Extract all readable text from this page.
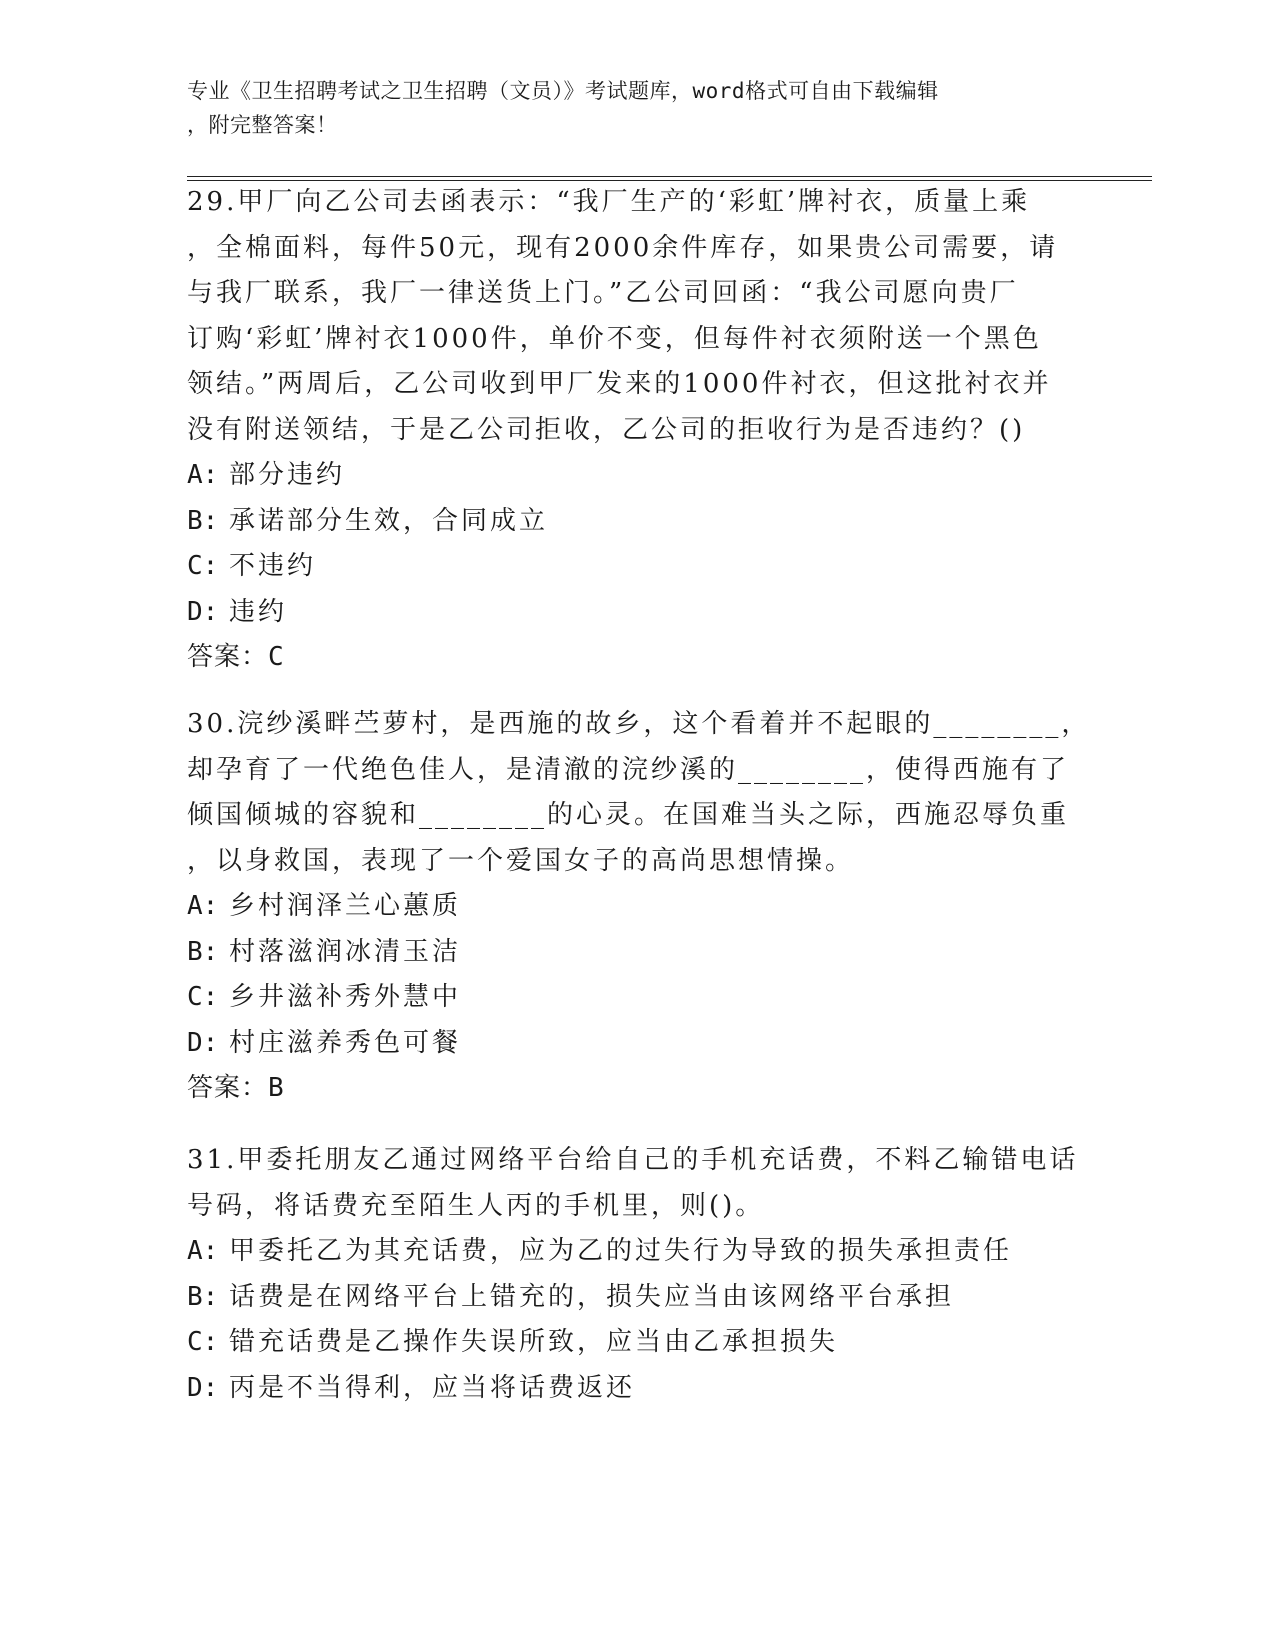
专业《卫生招聘考试之卫生招聘（文员）》考试题库，word格式可自由下载编辑
，附完整答案！
29.甲厂向乙公司去函表示：“我厂生产的‘彩虹’牌衬衣，质量上乘
，全棉面料，每件50元，现有2000余件库存，如果贵公司需要，请
与我厂联系，我厂一律送货上门。”乙公司回函：“我公司愿向贵厂
订购‘彩虹’牌衬衣1000件，单价不变，但每件衬衣须附送一个黑色
领结。”两周后，乙公司收到甲厂发来的1000件衬衣，但这批衬衣并
没有附送领结，于是乙公司拒收，乙公司的拒收行为是否违约？()
A: 部分违约
B: 承诺部分生效，合同成立
C: 不违约
D: 违约
答案：C
30.浣纱溪畔苎萝村，是西施的故乡，这个看着并不起眼的________，
却孕育了一代绝色佳人，是清澈的浣纱溪的________，使得西施有了
倾国倾城的容貌和________的心灵。在国难当头之际，西施忍辱负重
，以身救国，表现了一个爱国女子的高尚思想情操。
A: 乡村润泽兰心蕙质
B: 村落滋润冰清玉洁
C: 乡井滋补秀外慧中
D: 村庄滋养秀色可餐
答案：B
31.甲委托朋友乙通过网络平台给自己的手机充话费，不料乙输错电话
号码，将话费充至陌生人丙的手机里，则()。
A: 甲委托乙为其充话费，应为乙的过失行为导致的损失承担责任
B: 话费是在网络平台上错充的，损失应当由该网络平台承担
C: 错充话费是乙操作失误所致，应当由乙承担损失
D: 丙是不当得利，应当将话费返还
